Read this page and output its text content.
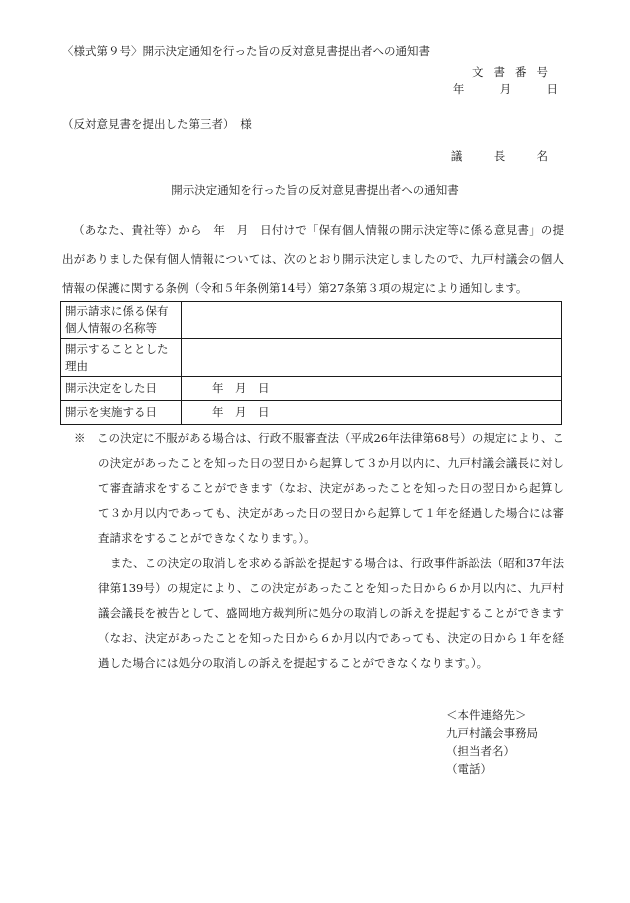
〈様式第９号〉開示決定通知を行った旨の反対意見書提出者への通知書
文書番号
年	月	日
（反対意見書を提出した第三者）　様
議	長	名
開示決定通知を行った旨の反対意見書提出者への通知書
（あなた、貴社等）から　年　月　日付けで「保有個人情報の開示決定等に係る意見書」の提出がありました保有個人情報については、次のとおり開示決定しましたので、九戸村議会の個人情報の保護に関する条例（令和５年条例第14号）第27条第３項の規定により通知します。
開示請求に係る保有個人情報の名称等	
開示することとした理由	
開示決定をした日	年　月　日
開示を実施する日	年　月　日
※　この決定に不服がある場合は、行政不服審査法（平成26年法律第68号）の規定により、この決定があったことを知った日の翌日から起算して３か月以内に、九戸村議会議長に対して審査請求をすることができます（なお、決定があったことを知った日の翌日から起算して３か月以内であっても、決定があった日の翌日から起算して１年を経過した場合には審査請求をすることができなくなります。）。
また、この決定の取消しを求める訴訟を提起する場合は、行政事件訴訟法（昭和37年法律第139号）の規定により、この決定があったことを知った日から６か月以内に、九戸村議会議長を被告として、盛岡地方裁判所に処分の取消しの訴えを提起することができます（なお、決定があったことを知った日から６か月以内であっても、決定の日から１年を経過した場合には処分の取消しの訴えを提起することができなくなります。）。
＜本件連絡先＞
九戸村議会事務局
（担当者名）
（電話）
